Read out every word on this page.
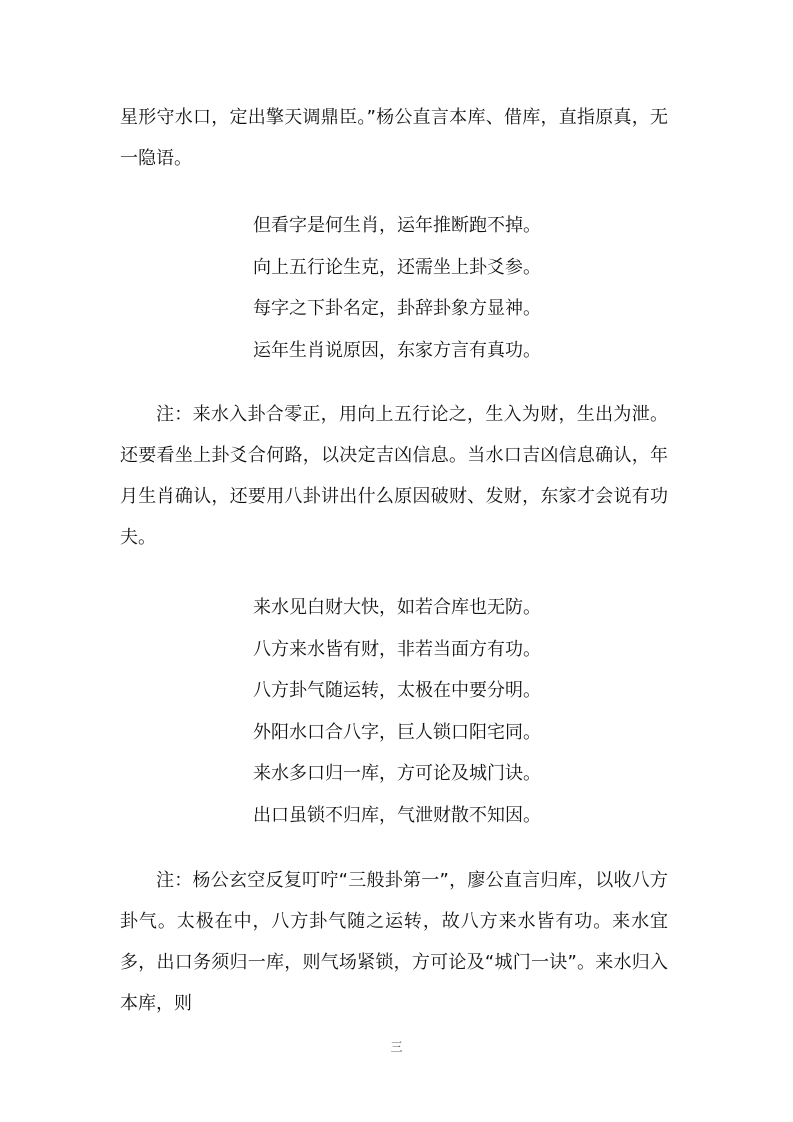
星形守水口，定出擎天调鼎臣。”杨公直言本库、借库，直指原真，无一隐语。

但看字是何生肖，运年推断跑不掉。
向上五行论生克，还需坐上卦爻参。
每字之下卦名定，卦辞卦象方显神。
运年生肖说原因，东家方言有真功。

注：来水入卦合零正，用向上五行论之，生入为财，生出为泄。还要看坐上卦爻合何路，以决定吉凶信息。当水口吉凶信息确认，年月生肖确认，还要用八卦讲出什么原因破财、发财，东家才会说有功夫。

来水见白财大快，如若合库也无防。
八方来水皆有财，非若当面方有功。
八方卦气随运转，太极在中要分明。
外阳水口合八字，巨人锁口阳宅同。
来水多口归一库，方可论及城门诀。
出口虽锁不归库，气泄财散不知因。

注：杨公玄空反复叮咛“三般卦第一”，廖公直言归库，以收八方卦气。太极在中，八方卦气随之运转，故八方来水皆有功。来水宜多，出口务须归一库，则气场紧锁，方可论及“城门一诀”。来水归入本库，则

三
